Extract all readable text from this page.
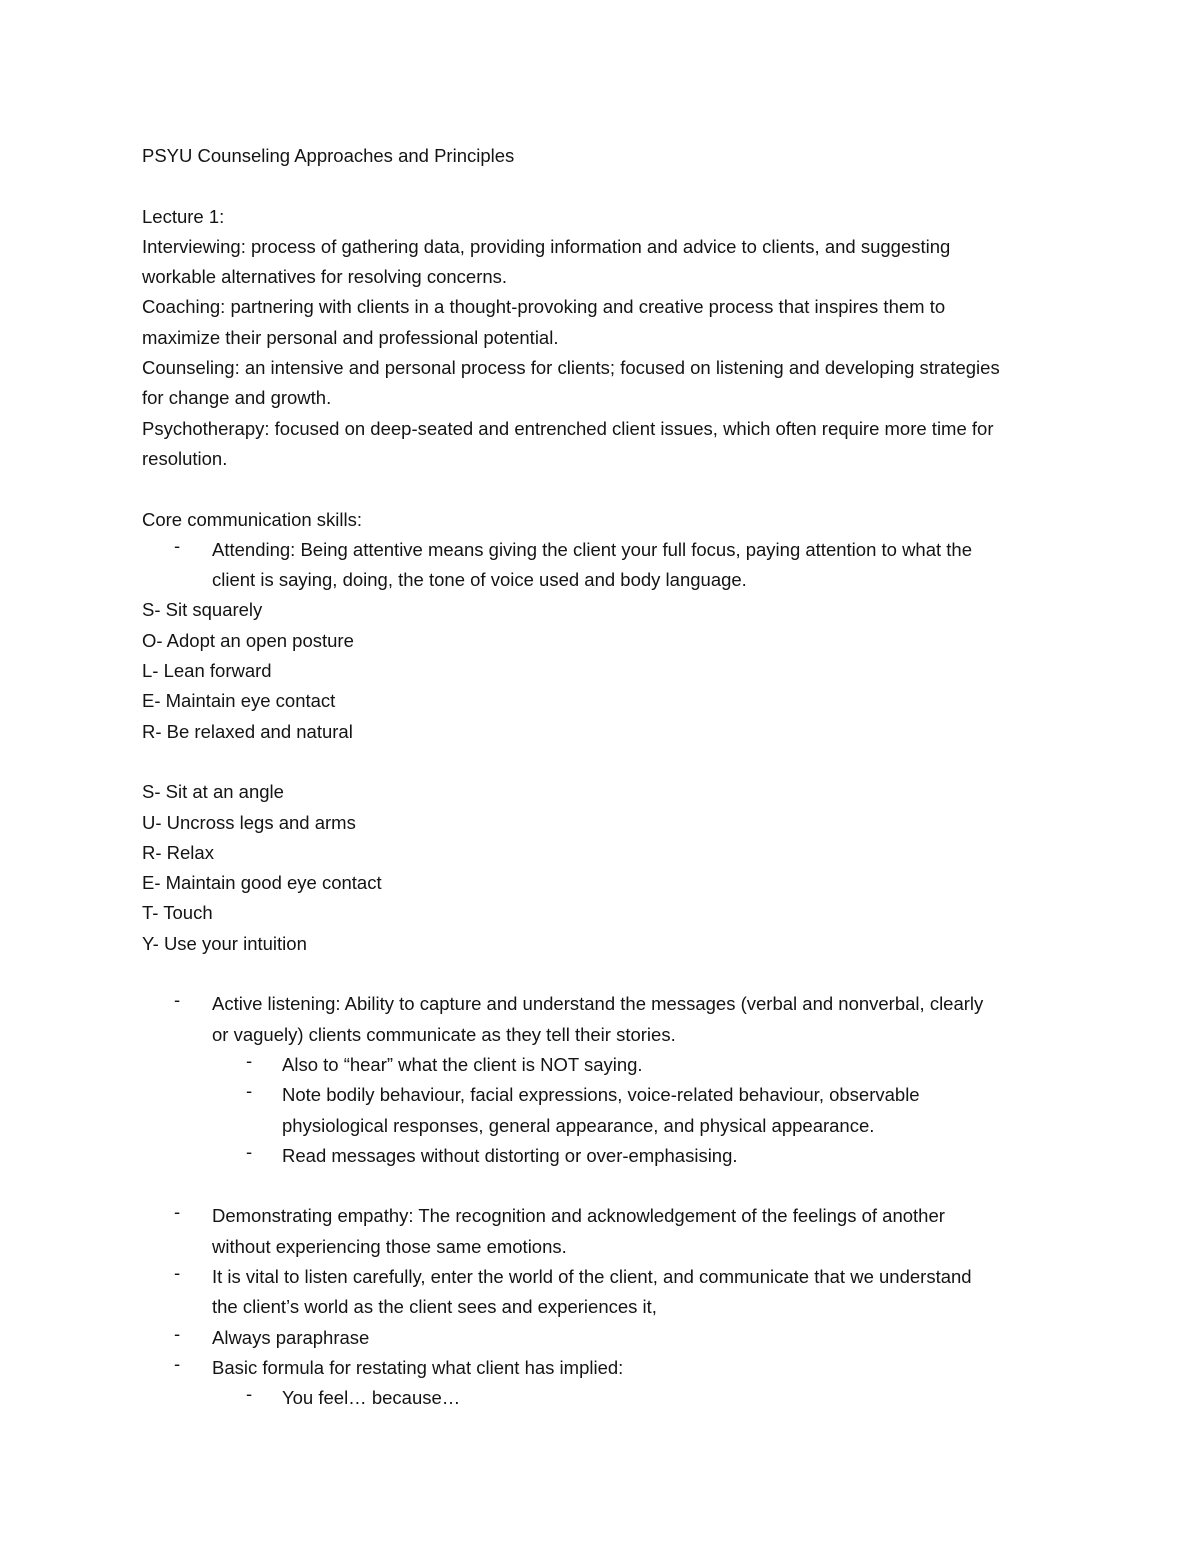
PSYU Counseling Approaches and Principles
Lecture 1:
Interviewing: process of gathering data, providing information and advice to clients, and suggesting
workable alternatives for resolving concerns.
Coaching: partnering with clients in a thought-provoking and creative process that inspires them to
maximize their personal and professional potential.
Counseling: an intensive and personal process for clients; focused on listening and developing strategies
for change and growth.
Psychotherapy: focused on deep-seated and entrenched client issues, which often require more time for
resolution.
Core communication skills:
- Attending: Being attentive means giving the client your full focus, paying attention to what the
client is saying, doing, the tone of voice used and body language.
S- Sit squarely
O- Adopt an open posture
L- Lean forward
E- Maintain eye contact
R- Be relaxed and natural
S- Sit at an angle
U- Uncross legs and arms
R- Relax
E- Maintain good eye contact
T- Touch
Y- Use your intuition
- Active listening: Ability to capture and understand the messages (verbal and nonverbal, clearly
or vaguely) clients communicate as they tell their stories.
- Also to “hear” what the client is NOT saying.
- Note bodily behaviour, facial expressions, voice-related behaviour, observable
physiological responses, general appearance, and physical appearance.
- Read messages without distorting or over-emphasising.
- Demonstrating empathy: The recognition and acknowledgement of the feelings of another
without experiencing those same emotions.
- It is vital to listen carefully, enter the world of the client, and communicate that we understand
the client’s world as the client sees and experiences it,
- Always paraphrase
- Basic formula for restating what client has implied:
- You feel… because…
